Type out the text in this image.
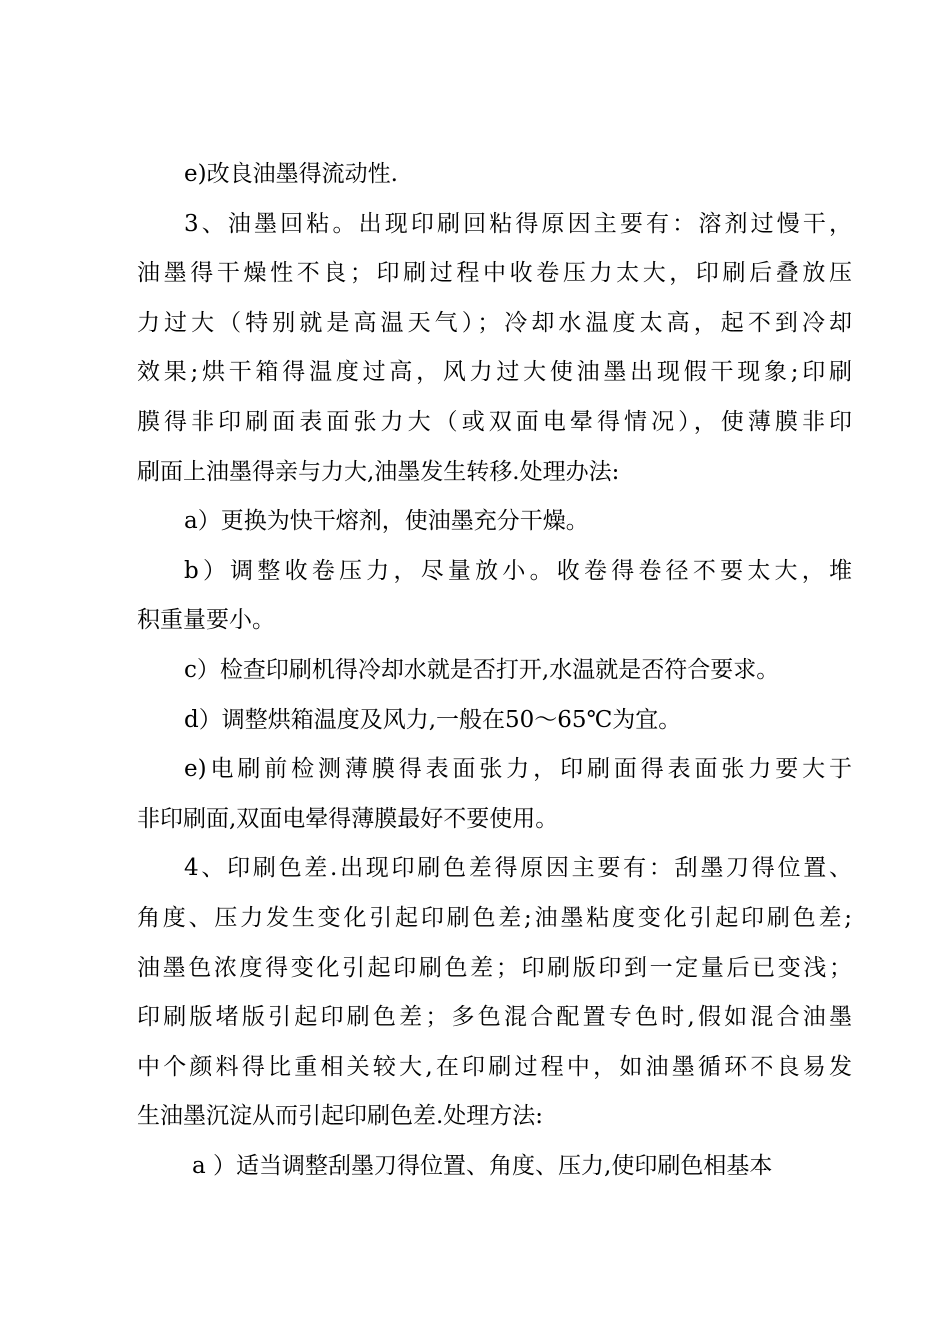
e)改良油墨得流动性.
3、油墨回粘。出现印刷回粘得原因主要有：溶剂过慢干，
油墨得干燥性不良；印刷过程中收卷压力太大，印刷后叠放压
力过大（特别就是高温天气）；冷却水温度太高，起不到冷却
效果;烘干箱得温度过高，风力过大使油墨出现假干现象;印刷
膜得非印刷面表面张力大（或双面电晕得情况），使薄膜非印
刷面上油墨得亲与力大,油墨发生转移.处理办法:
a）更换为快干熔剂，使油墨充分干燥。
b）调整收卷压力，尽量放小。收卷得卷径不要太大，堆
积重量要小。
c）检查印刷机得冷却水就是否打开,水温就是否符合要求。
d）调整烘箱温度及风力,一般在50～65℃为宜。
e)电刷前检测薄膜得表面张力，印刷面得表面张力要大于
非印刷面,双面电晕得薄膜最好不要使用。
4、印刷色差.出现印刷色差得原因主要有：刮墨刀得位置、
角度、压力发生变化引起印刷色差;油墨粘度变化引起印刷色差;
油墨色浓度得变化引起印刷色差；印刷版印到一定量后已变浅；
印刷版堵版引起印刷色差；多色混合配置专色时,假如混合油墨
中个颜料得比重相关较大,在印刷过程中，如油墨循环不良易发
生油墨沉淀从而引起印刷色差.处理方法:
a ）适当调整刮墨刀得位置、角度、压力,使印刷色相基本
